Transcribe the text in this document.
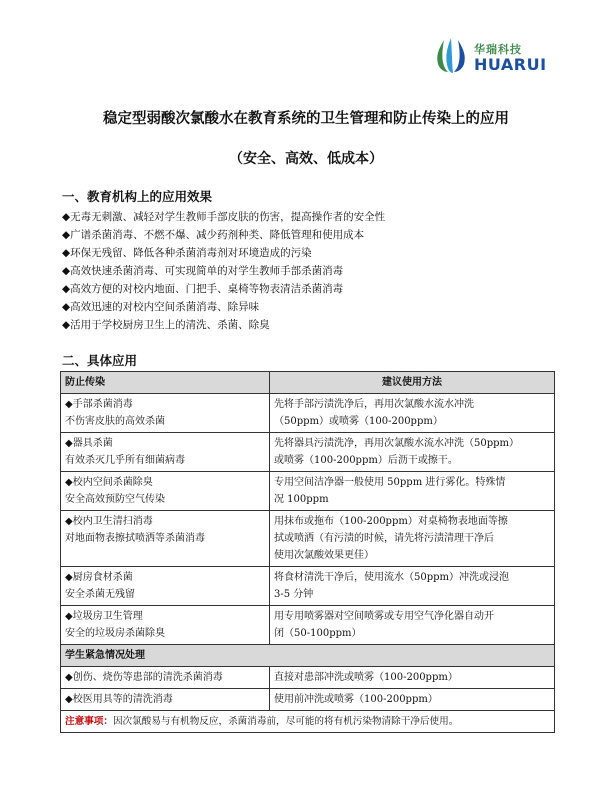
华瑞科技
HUARUI
稳定型弱酸次氯酸水在教育系统的卫生管理和防止传染上的应用
（安全、高效、低成本）
一、教育机构上的应用效果
◆无毒无刺激、减轻对学生教师手部皮肤的伤害，提高操作者的安全性
◆广谱杀菌消毒、不燃不爆、减少药剂种类、降低管理和使用成本
◆环保无残留、降低各种杀菌消毒剂对环境造成的污染
◆高效快速杀菌消毒、可实现简单的对学生教师手部杀菌消毒
◆高效方便的对校内地面、门把手、桌椅等物表清洁杀菌消毒
◆高效迅速的对校内空间杀菌消毒、除异味
◆活用于学校厨房卫生上的清洗、杀菌、除臭
二、具体应用
防止传染	建议使用方法

◆手部杀菌消毒
不伤害皮肤的高效杀菌	先将手部污渍洗净后，再用次氯酸水流水冲洗
（50ppm）或喷雾（100-200ppm）

◆器具杀菌
有效杀灭几乎所有细菌病毒	先将器具污渍洗净，再用次氯酸水流水冲洗（50ppm）
或喷雾（100-200ppm）后沥干或擦干。

◆校内空间杀菌除臭
安全高效预防空气传染	专用空间洁净器一般使用 50ppm 进行雾化。特殊情
况 100ppm

◆校内卫生清扫消毒
对地面物表擦拭喷洒等杀菌消毒	用抹布或拖布（100-200ppm）对桌椅物表地面等擦
拭或喷洒（有污渍的时候，请先将污渍清理干净后
使用次氯酸效果更佳）

◆厨房食材杀菌
安全杀菌无残留	将食材清洗干净后，使用流水（50ppm）冲洗或浸泡
3-5 分钟

◆垃圾房卫生管理
安全的垃圾房杀菌除臭	用专用喷雾器对空间喷雾或专用空气净化器自动开
闭（50-100ppm）

学生紧急情况处理	
◆创伤、烧伤等患部的清洗杀菌消毒	直接对患部冲洗或喷雾（100-200ppm）
◆校医用具等的清洗消毒	使用前冲洗或喷雾（100-200ppm）
注意事项：因次氯酸易与有机物反应，杀菌消毒前，尽可能的将有机污染物清除干净后使用。	
